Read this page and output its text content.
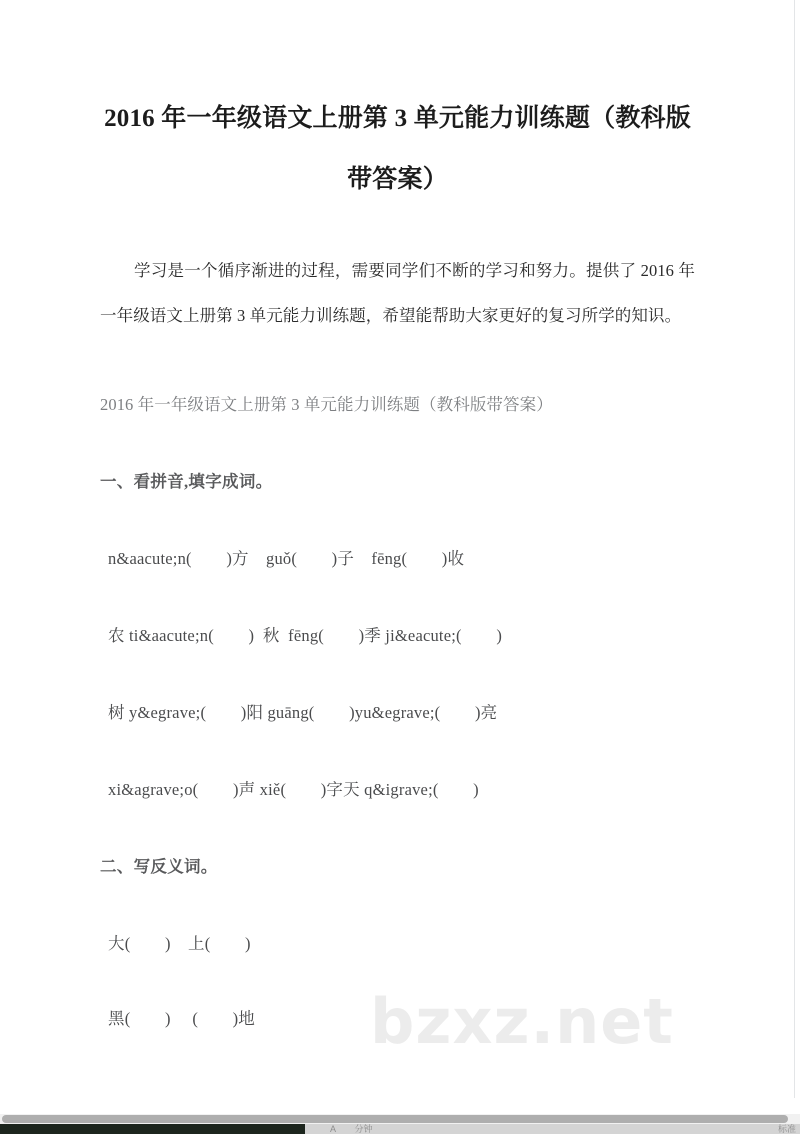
bzxz.net
2016 年一年级语文上册第 3 单元能力训练题（教科版带答案）

学习是一个循序渐进的过程，需要同学们不断的学习和努力。提供了 2016 年一年级语文上册第 3 单元能力训练题，希望能帮助大家更好的复习所学的知识。

2016 年一年级语文上册第 3 单元能力训练题（教科版带答案）

一、看拼音,填字成词。

n&aacute;n(        )方    guǒ(        )子    fēng(        )收

农 ti&aacute;n(        )  秋  fēng(        )季 ji&eacute;(        )

树 y&egrave;(        )阳 guāng(        )yu&egrave;(        )亮

xi&agrave;o(        )声 xiě(        )字天 q&igrave;(        )

二、写反义词。

大(        )    上(        )

黑(        )     (        )地

A 分钟	标准
